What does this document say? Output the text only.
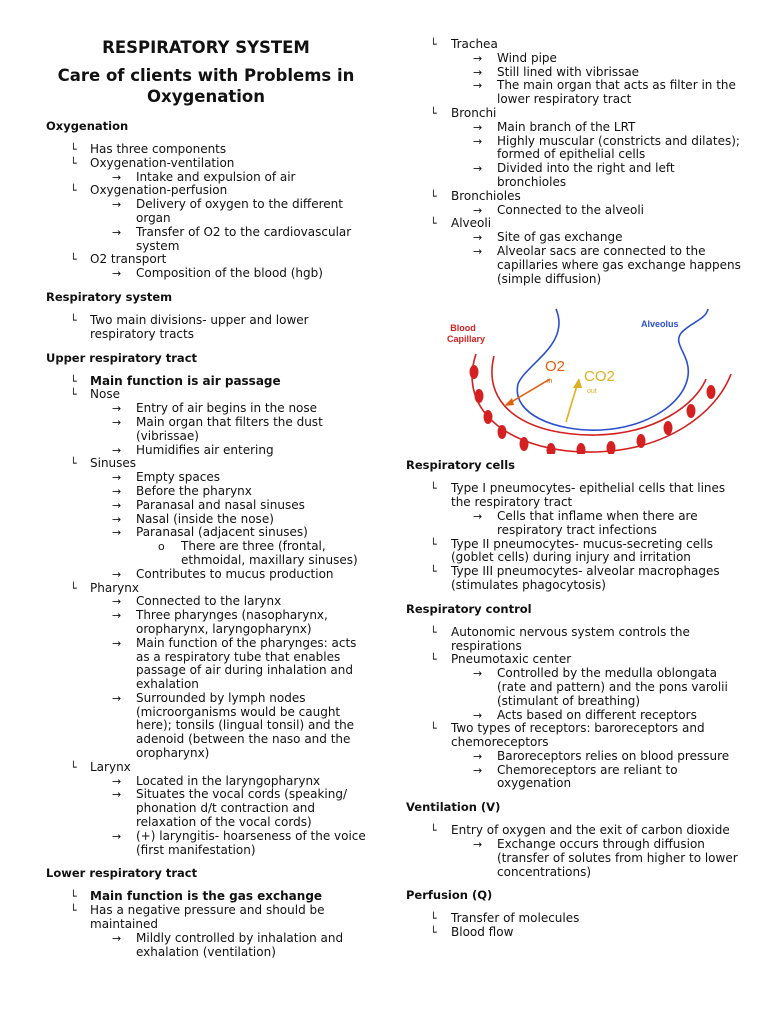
RESPIRATORY SYSTEM
Care of clients with Problems in Oxygenation
Oxygenation
└ Has three components
└ Oxygenation-ventilation
→ Intake and expulsion of air
└ Oxygenation-perfusion
→ Delivery of oxygen to the different organ
→ Transfer of O2 to the cardiovascular system
└ O2 transport
→ Composition of the blood (hgb)
Respiratory system
└ Two main divisions- upper and lower respiratory tracts
Upper respiratory tract
└ Main function is air passage
└ Nose
→ Entry of air begins in the nose
→ Main organ that filters the dust (vibrissae)
→ Humidifies air entering
└ Sinuses
→ Empty spaces
→ Before the pharynx
→ Paranasal and nasal sinuses
→ Nasal (inside the nose)
→ Paranasal (adjacent sinuses)
o There are three (frontal, ethmoidal, maxillary sinuses)
→ Contributes to mucus production
└ Pharynx
→ Connected to the larynx
→ Three pharynges (nasopharynx, oropharynx, laryngopharynx)
→ Main function of the pharynges: acts as a respiratory tube that enables passage of air during inhalation and exhalation
→ Surrounded by lymph nodes (microorganisms would be caught here); tonsils (lingual tonsil) and the adenoid (between the naso and the oropharynx)
└ Larynx
→ Located in the laryngopharynx
→ Situates the vocal cords (speaking/ phonation d/t contraction and relaxation of the vocal cords)
→ (+) laryngitis- hoarseness of the voice (first manifestation)
Lower respiratory tract
└ Main function is the gas exchange
└ Has a negative pressure and should be maintained
→ Mildly controlled by inhalation and exhalation (ventilation)
└ Trachea
→ Wind pipe
→ Still lined with vibrissae
→ The main organ that acts as filter in the lower respiratory tract
└ Bronchi
→ Main branch of the LRT
→ Highly muscular (constricts and dilates); formed of epithelial cells
→ Divided into the right and left bronchioles
└ Bronchioles
→ Connected to the alveoli
└ Alveoli
→ Site of gas exchange
→ Alveolar sacs are connected to the capillaries where gas exchange happens (simple diffusion)
Blood
Capillary
Alveolus
O2
in CO2
out
Respiratory cells
└ Type I pneumocytes- epithelial cells that lines the respiratory tract
→ Cells that inflame when there are respiratory tract infections
└ Type II pneumocytes- mucus-secreting cells (goblet cells) during injury and irritation
└ Type III pneumocytes- alveolar macrophages (stimulates phagocytosis)
Respiratory control
└ Autonomic nervous system controls the respirations
└ Pneumotaxic center
→ Controlled by the medulla oblongata (rate and pattern) and the pons varolii (stimulant of breathing)
→ Acts based on different receptors
└ Two types of receptors: baroreceptors and chemoreceptors
→ Baroreceptors relies on blood pressure
→ Chemoreceptors are reliant to oxygenation
Ventilation (V)
└ Entry of oxygen and the exit of carbon dioxide
→ Exchange occurs through diffusion (transfer of solutes from higher to lower concentrations)
Perfusion (Q)
└ Transfer of molecules
└ Blood flow
